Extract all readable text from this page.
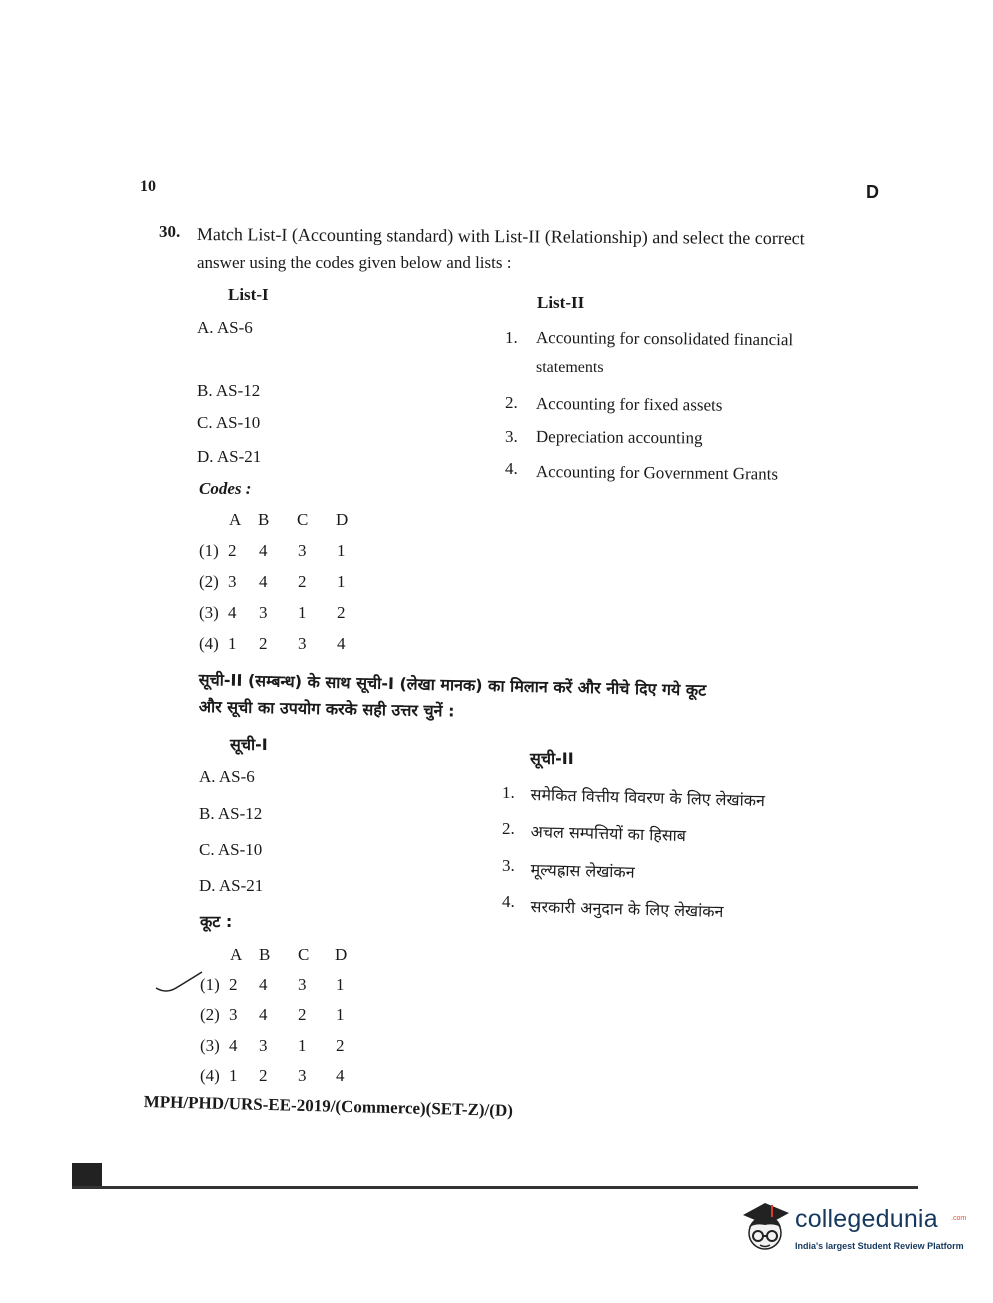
10	D
30. Match List-I (Accounting standard) with List-II (Relationship) and select the correct
answer using the codes given below and lists :
List-I	List-II
A. AS-6
B. AS-12
C. AS-10
D. AS-21
1. Accounting for consolidated financial
statements
2. Accounting for fixed assets
3. Depreciation accounting
4. Accounting for Government Grants
Codes :
A B C D
(1) 2 4 3 1
(2) 3 4 2 1
(3) 4 3 1 2
(4) 1 2 3 4
सूची-II (सम्बन्ध) के साथ सूची-I (लेखा मानक) का मिलान करें और नीचे दिए गये कूट
और सूची का उपयोग करके सही उत्तर चुनें :
सूची-I
सूची-II
A. AS-6
B. AS-12
C. AS-10
D. AS-21
1. समेकित वित्तीय विवरण के लिए लेखांकन
2. अचल सम्पत्तियों का हिसाब
3. मूल्यह्रास लेखांकन
4. सरकारी अनुदान के लिए लेखांकन
कूट :
A B C D
(1) 2 4 3 1
(2) 3 4 2 1
(3) 4 3 1 2
(4) 1 2 3 4
MPH/PHD/URS-EE-2019/(Commerce)(SET-Z)/(D)
collegedunia .com
India's largest Student Review Platform
